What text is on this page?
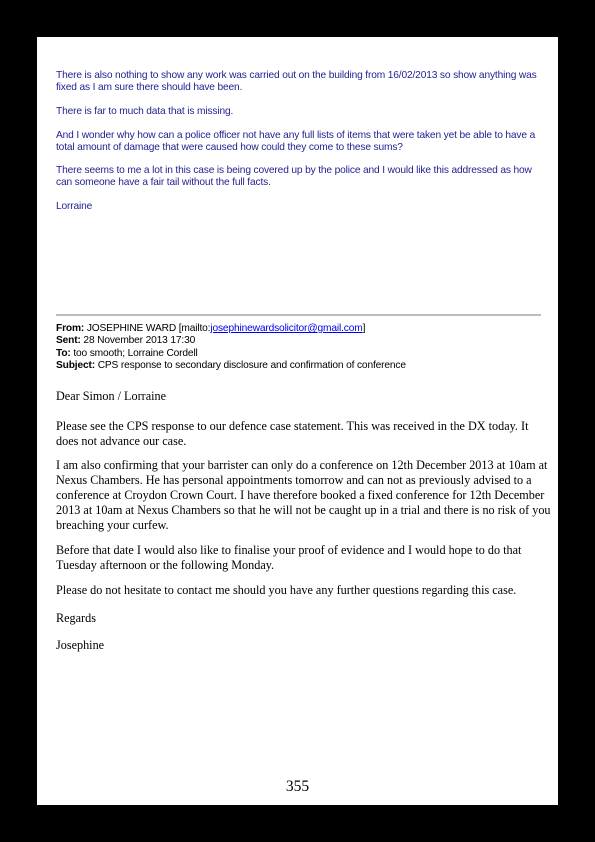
There is also nothing to show any work was carried out on the building from 16/02/2013 so show anything was

fixed as I am sure there should have been.

There is far to much data that is missing.

And I wonder why how can a police officer not have any full lists of items that were taken yet be able to have a

total amount of damage that were caused how could they come to these sums?

There seems to me a lot in this case is being covered up by the police and I would like this addressed as how

can someone have a fair tail without the full facts.

Lorraine

From: JOSEPHINE WARD [mailto:josephinewardsolicitor@gmail.com]
Sent: 28 November 2013 17:30
To: too smooth; Lorraine Cordell
Subject: CPS response to secondary disclosure and confirmation of conference

Dear Simon / Lorraine

Please see the CPS response to our defence case statement. This was received in the DX today. It

does not advance our case.

I am also confirming that your barrister can only do a conference on 12th December 2013 at 10am at

Nexus Chambers. He has personal appointments tomorrow and can not as previously advised to a

conference at Croydon Crown Court. I have therefore booked a fixed conference for 12th December

2013 at 10am at Nexus Chambers so that he will not be caught up in a trial and there is no risk of you

breaching your curfew.

Before that date I would also like to finalise your proof of evidence and I would hope to do that

Tuesday afternoon or the following Monday.

Please do not hesitate to contact me should you have any further questions regarding this case.

Regards

Josephine

355
